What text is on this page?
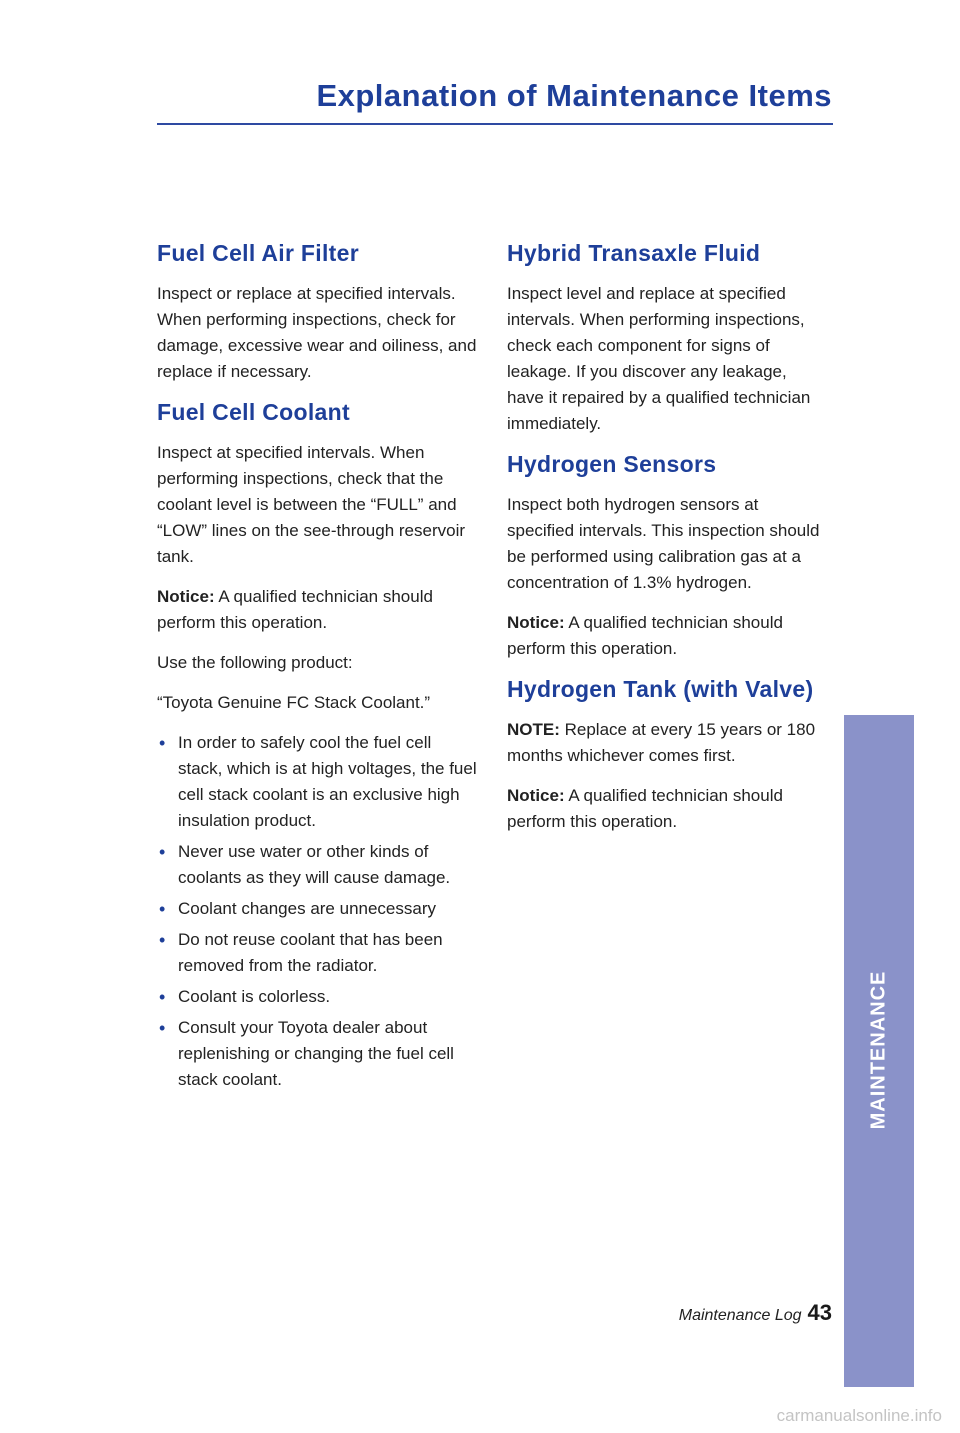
Explanation of Maintenance Items
Fuel Cell Air Filter

Inspect or replace at specified intervals. When performing inspections, check for damage, excessive wear and oiliness, and replace if necessary.

Fuel Cell Coolant

Inspect at specified intervals. When performing inspections, check that the coolant level is between the “FULL” and “LOW” lines on the see-through reservoir tank.

Notice: A qualified technician should perform this operation.

Use the following product:

“Toyota Genuine FC Stack Coolant.”

• In order to safely cool the fuel cell stack, which is at high voltages, the fuel cell stack coolant is an exclusive high insulation product.
• Never use water or other kinds of coolants as they will cause damage.
• Coolant changes are unnecessary
• Do not reuse coolant that has been removed from the radiator.
• Coolant is colorless.
• Consult your Toyota dealer about replenishing or changing the fuel cell stack coolant.
Hybrid Transaxle Fluid

Inspect level and replace at specified intervals. When performing inspections, check each component for signs of leakage. If you discover any leakage, have it repaired by a qualified technician immediately.

Hydrogen Sensors

Inspect both hydrogen sensors at specified intervals. This inspection should be performed using calibration gas at a concentration of 1.3% hydrogen.

Notice: A qualified technician should perform this operation.

Hydrogen Tank (with Valve)

NOTE: Replace at every 15 years or 180 months whichever comes first.

Notice: A qualified technician should perform this operation.

MAINTENANCE
Maintenance Log 43
carmanualsonline.info
